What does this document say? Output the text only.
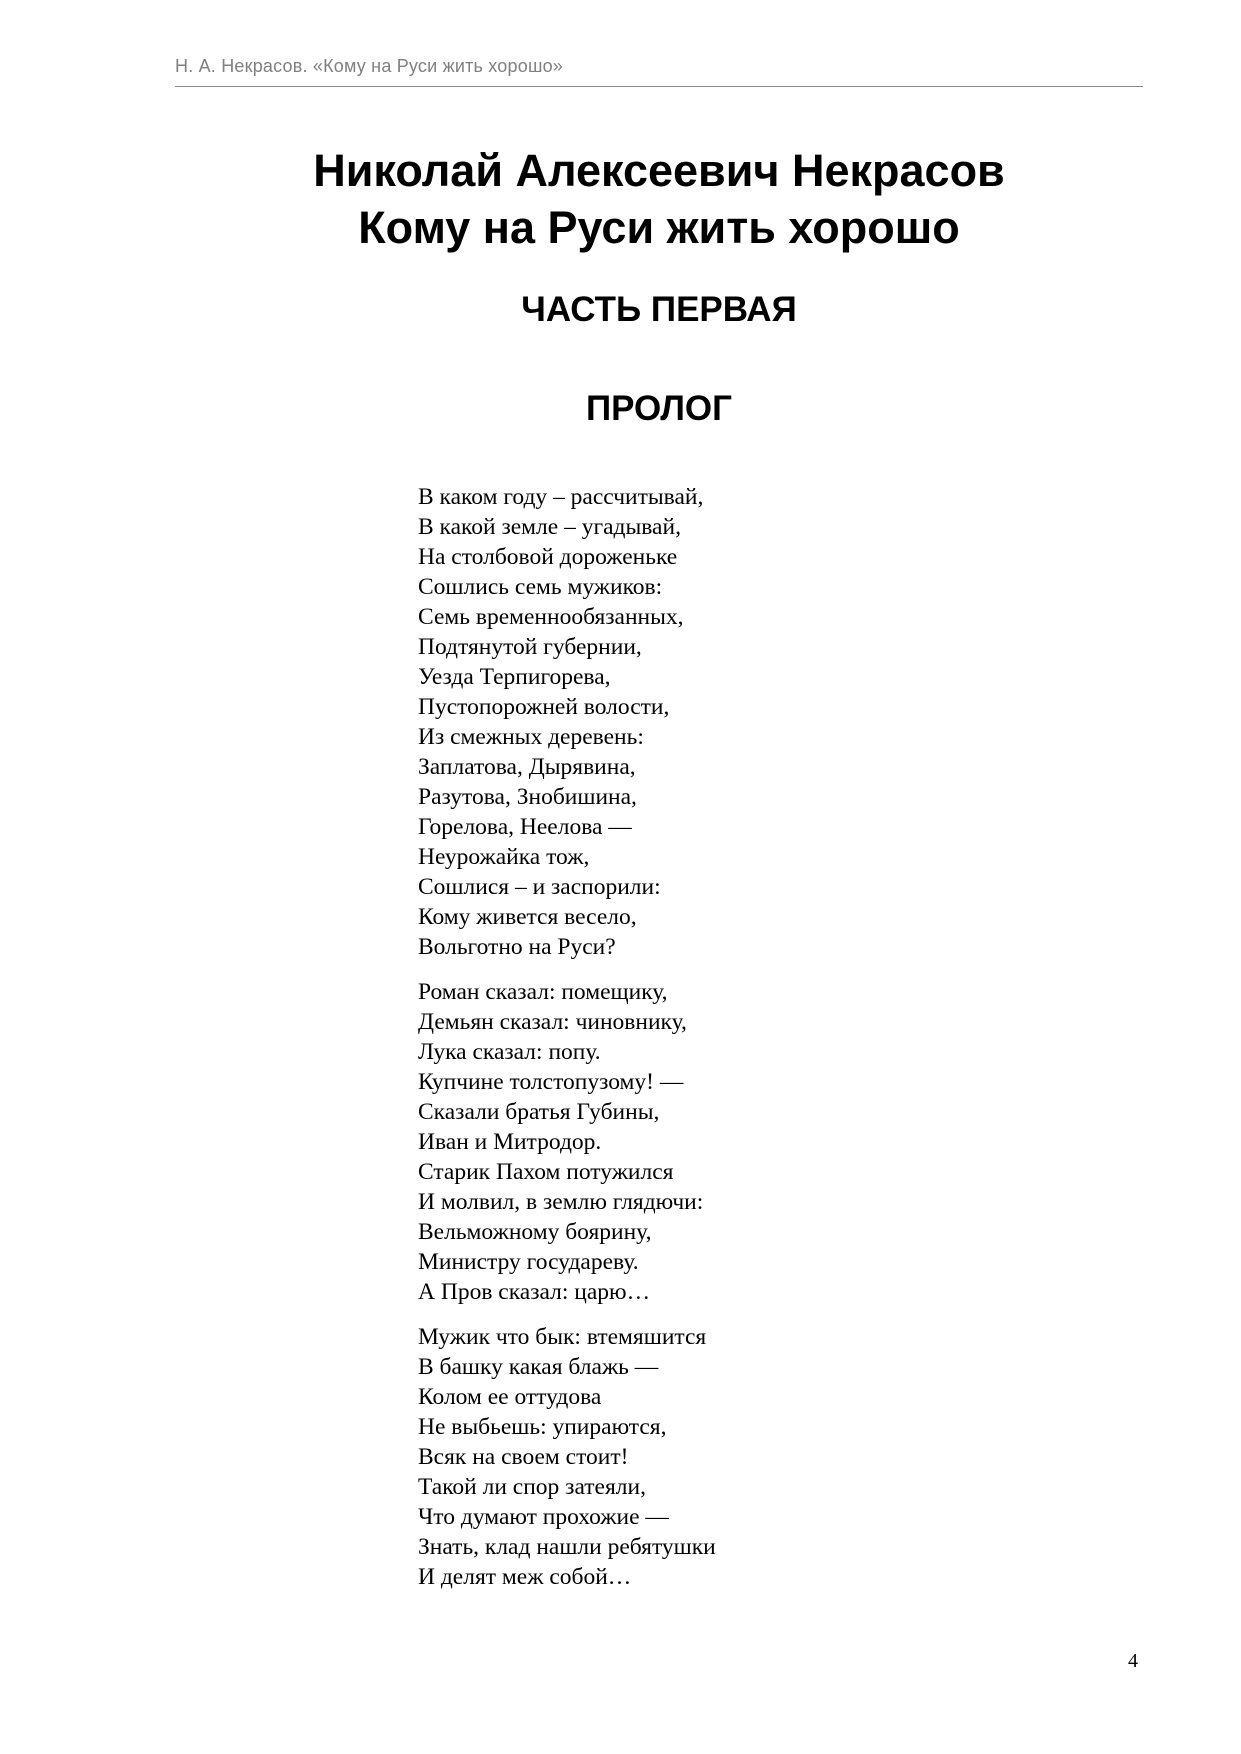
Н. А. Некрасов. «Кому на Руси жить хорошо»
Николай Алексеевич Некрасов
Кому на Руси жить хорошо
ЧАСТЬ ПЕРВАЯ
ПРОЛОГ
В каком году – рассчитывай,
В какой земле – угадывай,
На столбовой дороженьке
Сошлись семь мужиков:
Семь временнообязанных,
Подтянутой губернии,
Уезда Терпигорева,
Пустопорожней волости,
Из смежных деревень:
Заплатова, Дырявина,
Разутова, Знобишина,
Горелова, Неелова —
Неурожайка тож,
Сошлися – и заспорили:
Кому живется весело,
Вольготно на Руси?
Роман сказал: помещику,
Демьян сказал: чиновнику,
Лука сказал: попу.
Купчине толстопузому! —
Сказали братья Губины,
Иван и Митродор.
Старик Пахом потужился
И молвил, в землю глядючи:
Вельможному боярину,
Министру государеву.
А Пров сказал: царю…
Мужик что бык: втемяшится
В башку какая блажь —
Колом ее оттудова
Не выбьешь: упираются,
Всяк на своем стоит!
Такой ли спор затеяли,
Что думают прохожие —
Знать, клад нашли ребятушки
И делят меж собой…
4
